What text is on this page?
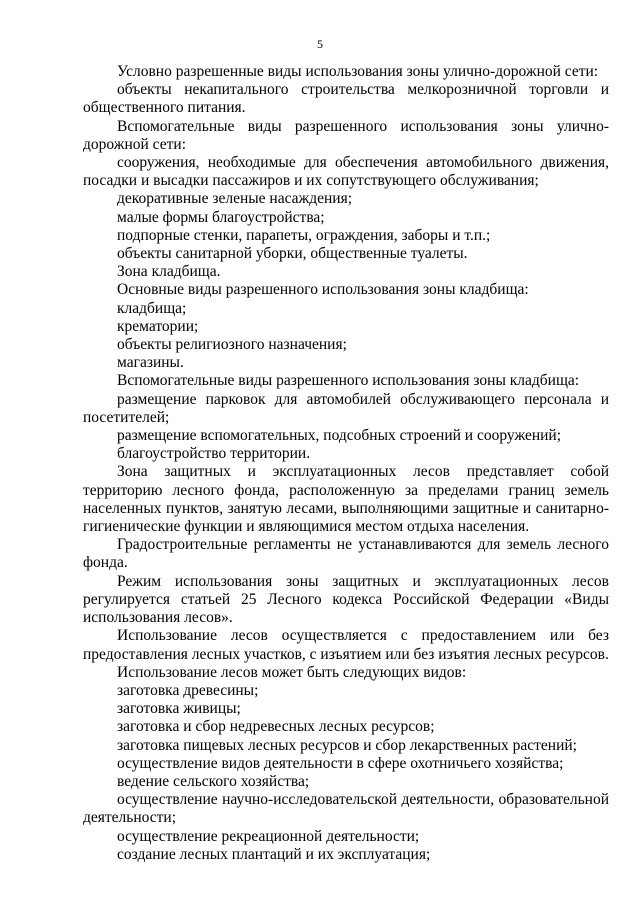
5

Условно разрешенные виды использования зоны улично-дорожной сети:

объекты некапитального строительства мелкорозничной торговли и общественного питания.

Вспомогательные виды разрешенного использования зоны улично-дорожной сети:

сооружения, необходимые для обеспечения автомобильного движения, посадки и высадки пассажиров и их сопутствующего обслуживания;

декоративные зеленые насаждения;

малые формы благоустройства;

подпорные стенки, парапеты, ограждения, заборы и т.п.;

объекты санитарной уборки, общественные туалеты.

Зона кладбища.

Основные виды разрешенного использования зоны кладбища:

кладбища;

крематории;

объекты религиозного назначения;

магазины.

Вспомогательные виды разрешенного использования зоны кладбища:

размещение парковок для автомобилей обслуживающего персонала и посетителей;

размещение вспомогательных, подсобных строений и сооружений;

благоустройство территории.

Зона защитных и эксплуатационных лесов представляет собой территорию лесного фонда, расположенную за пределами границ земель населенных пунктов, занятую лесами, выполняющими защитные и санитарно-гигиенические функции и являющимися местом отдыха населения.

Градостроительные регламенты не устанавливаются для земель лесного фонда.

Режим использования зоны защитных и эксплуатационных лесов регулируется статьей 25 Лесного кодекса Российской Федерации «Виды использования лесов».

Использование лесов осуществляется с предоставлением или без предоставления лесных участков, с изъятием или без изъятия лесных ресурсов.

Использование лесов может быть следующих видов:

заготовка древесины;

заготовка живицы;

заготовка и сбор недревесных лесных ресурсов;

заготовка пищевых лесных ресурсов и сбор лекарственных растений;

осуществление видов деятельности в сфере охотничьего хозяйства;

ведение сельского хозяйства;

осуществление научно-исследовательской деятельности, образовательной деятельности;

осуществление рекреационной деятельности;

создание лесных плантаций и их эксплуатация;
